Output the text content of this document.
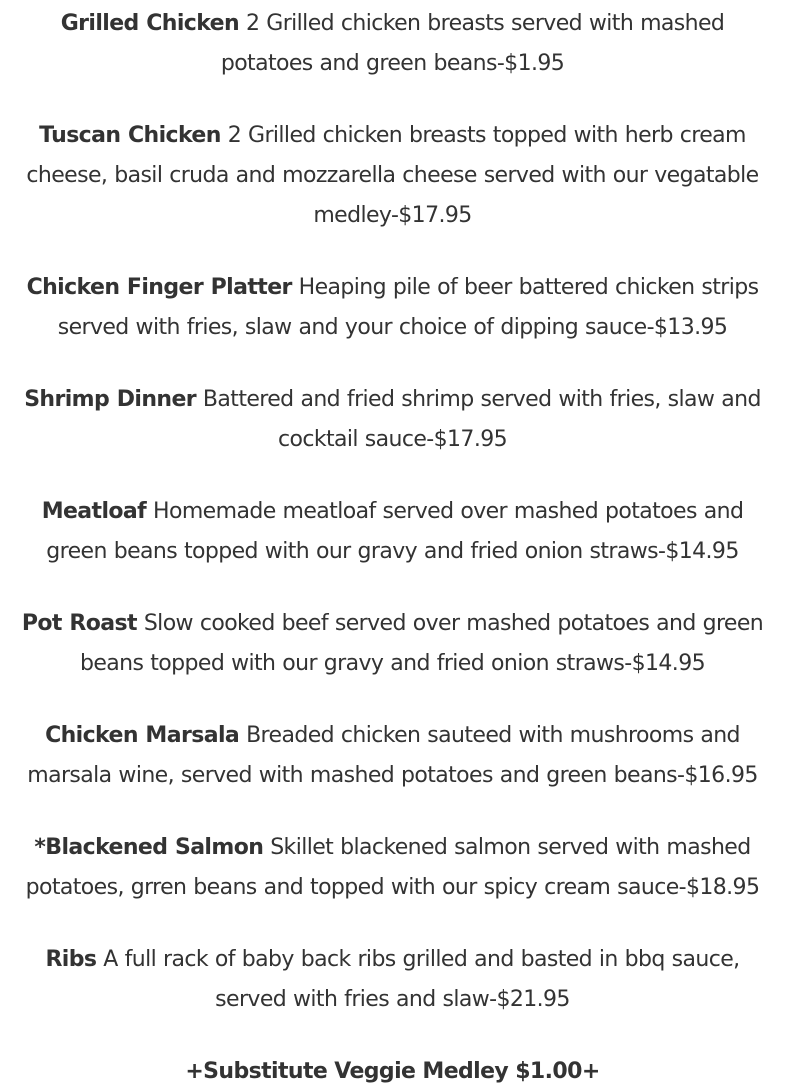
Grilled Chicken 2 Grilled chicken breasts served with mashed potatoes and green beans-$1.95

Tuscan Chicken 2 Grilled chicken breasts topped with herb cream cheese, basil cruda and mozzarella cheese served with our vegatable medley-$17.95

Chicken Finger Platter Heaping pile of beer battered chicken strips served with fries, slaw and your choice of dipping sauce-$13.95

Shrimp Dinner Battered and fried shrimp served with fries, slaw and cocktail sauce-$17.95

Meatloaf Homemade meatloaf served over mashed potatoes and green beans topped with our gravy and fried onion straws-$14.95

Pot Roast Slow cooked beef served over mashed potatoes and green beans topped with our gravy and fried onion straws-$14.95

Chicken Marsala Breaded chicken sauteed with mushrooms and marsala wine, served with mashed potatoes and green beans-$16.95

*Blackened Salmon Skillet blackened salmon served with mashed potatoes, grren beans and topped with our spicy cream sauce-$18.95

Ribs A full rack of baby back ribs grilled and basted in bbq sauce, served with fries and slaw-$21.95

+Substitute Veggie Medley $1.00+
